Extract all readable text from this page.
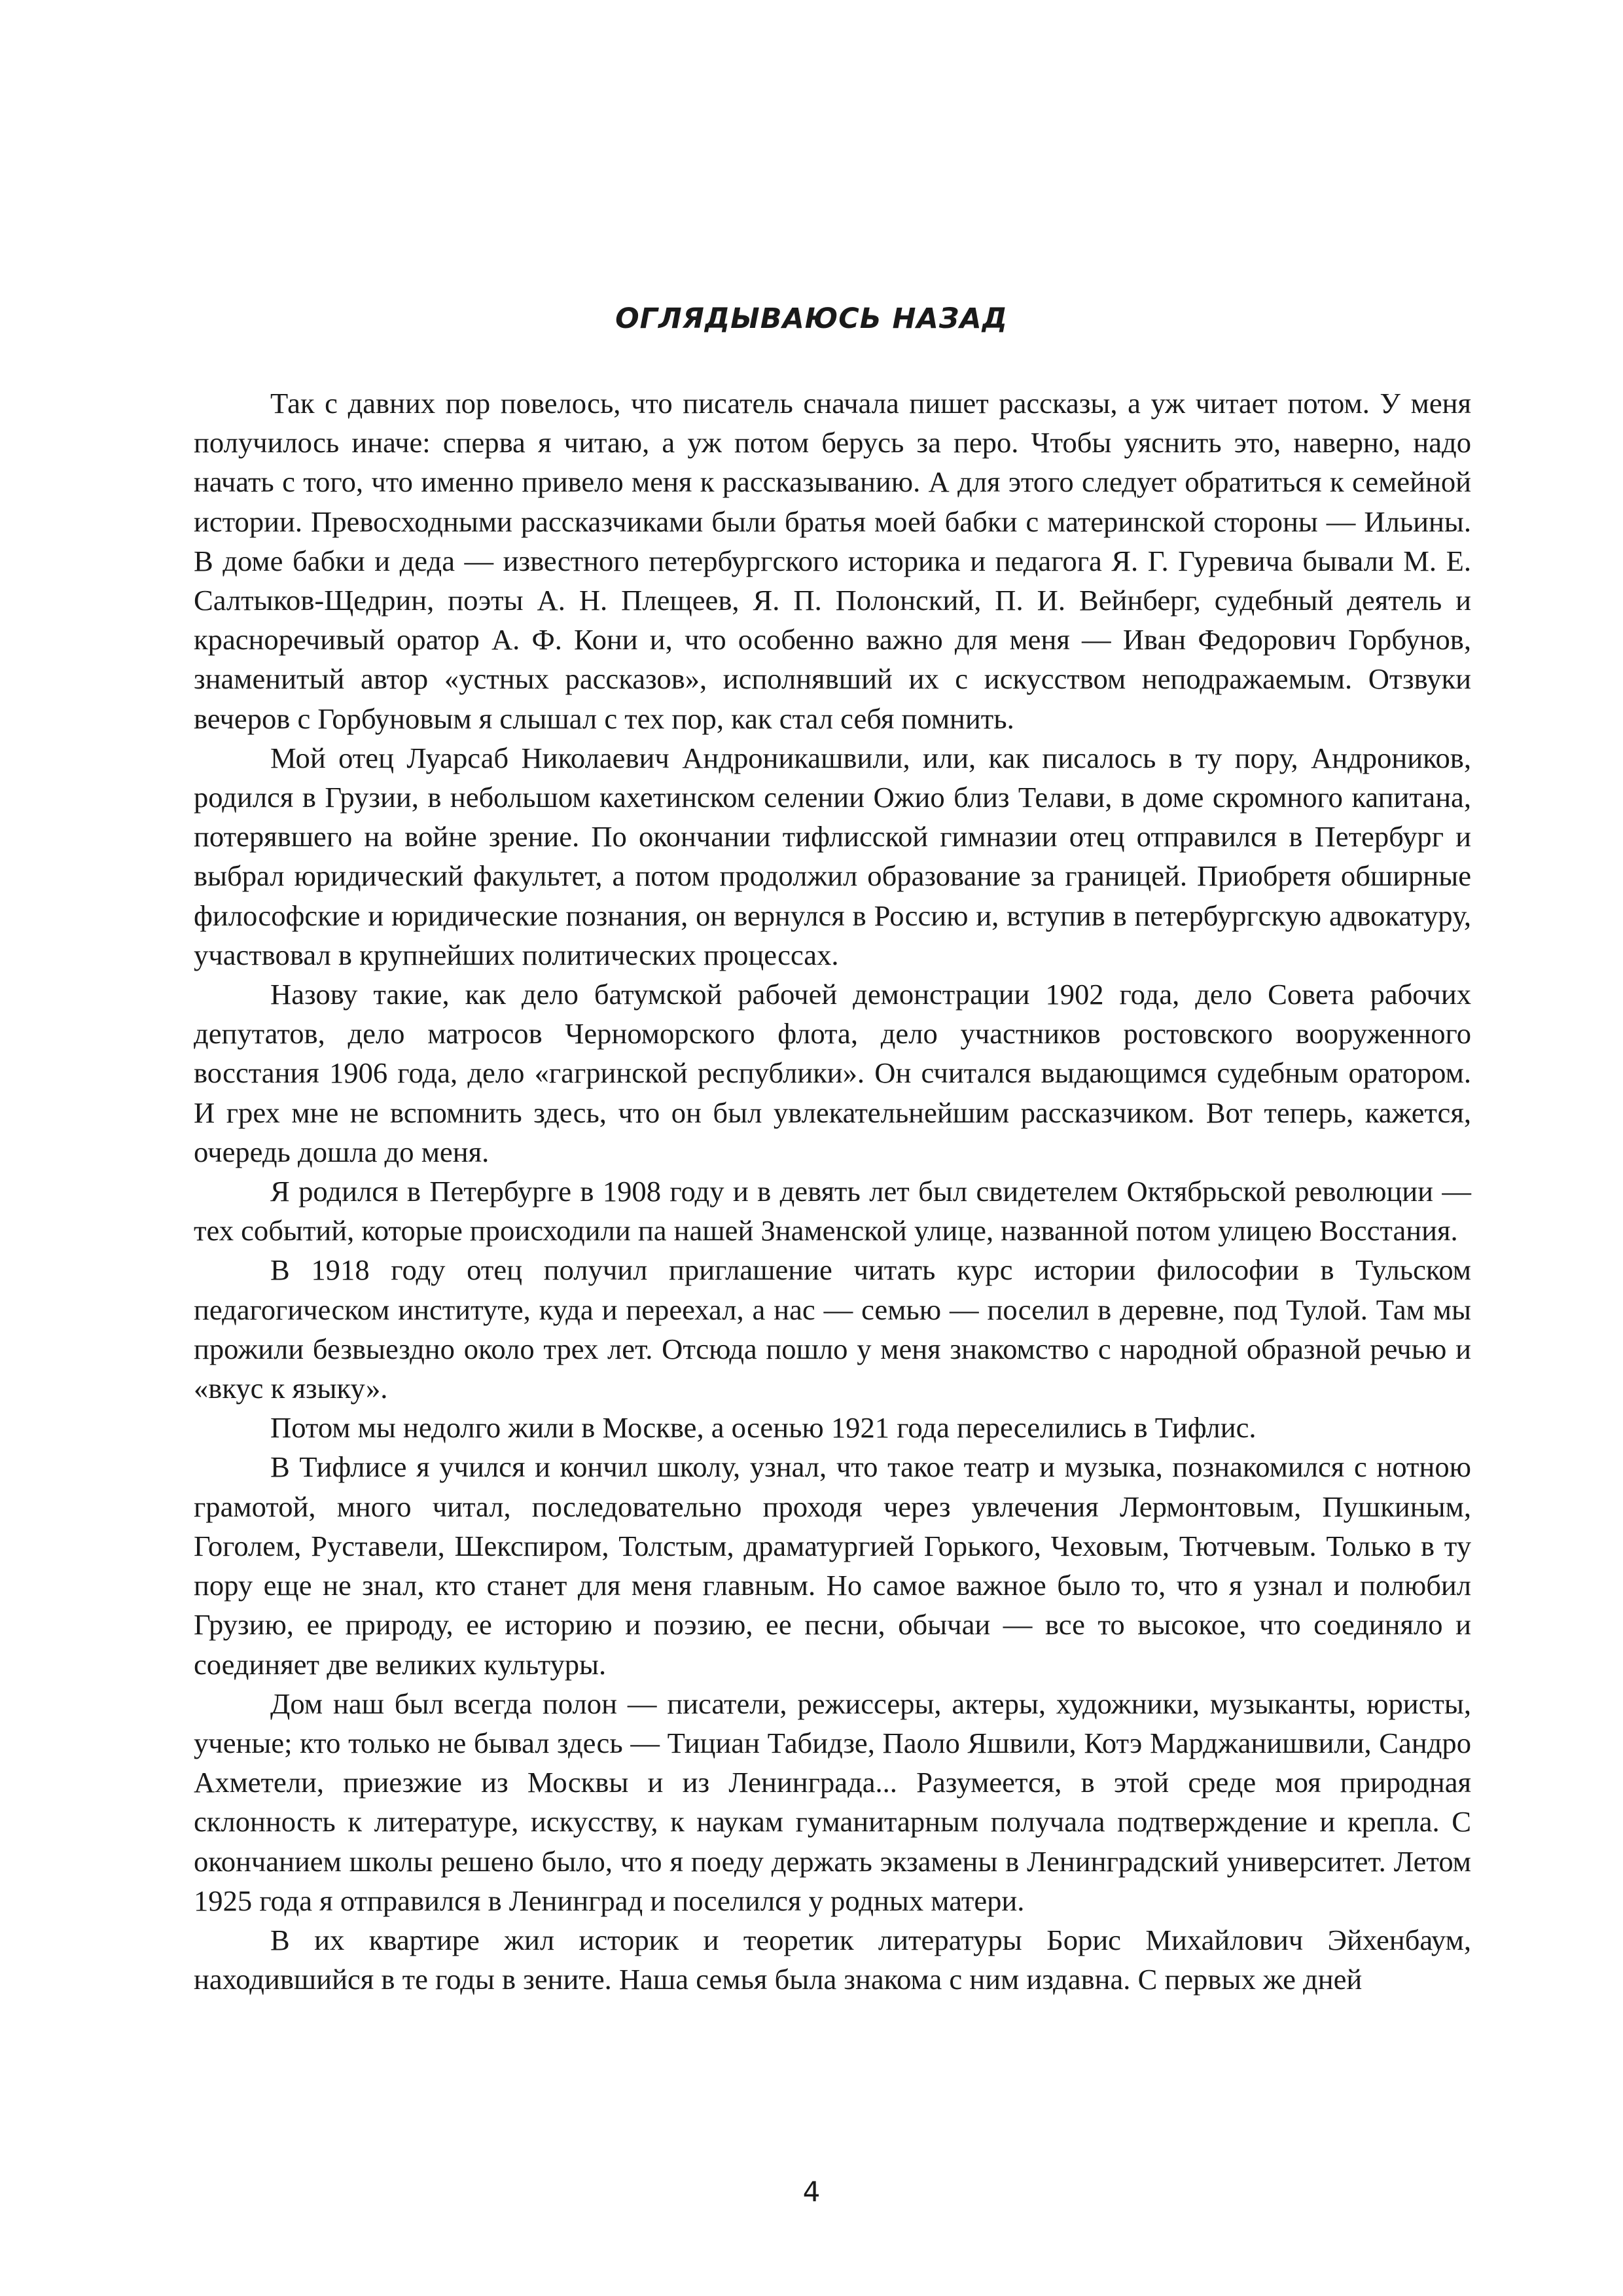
ОГЛЯДЫВАЮСЬ НАЗАД

Так с давних пор повелось, что писатель сначала пишет рассказы, а уж читает потом. У меня получилось иначе: сперва я читаю, а уж потом берусь за перо. Чтобы уяснить это, наверно, надо начать с того, что именно привело меня к рассказыванию. А для этого следует обратиться к семейной истории. Превосходными рассказчиками были братья моей бабки с материнской стороны — Ильины. В доме бабки и деда — известного петербургского историка и педагога Я. Г. Гуревича бывали М. Е. Салтыков-Щедрин, поэты А. Н. Плещеев, Я. П. Полонский, П. И. Вейнберг, судебный деятель и красноречивый оратор А. Ф. Кони и, что особенно важно для меня — Иван Федорович Горбунов, знаменитый автор «устных рассказов», исполнявший их с искусством неподражаемым. Отзвуки вечеров с Горбуновым я слышал с тех пор, как стал себя помнить.

Мой отец Луарсаб Николаевич Андроникашвили, или, как писалось в ту пору, Андроников, родился в Грузии, в небольшом кахетинском селении Ожио близ Телави, в доме скромного капитана, потерявшего на войне зрение. По окончании тифлисской гимназии отец отправился в Петербург и выбрал юридический факультет, а потом продолжил образование за границей. Приобретя обширные философские и юридические познания, он вернулся в Россию и, вступив в петербургскую адвокатуру, участвовал в крупнейших политических процессах.

Назову такие, как дело батумской рабочей демонстрации 1902 года, дело Совета рабочих депутатов, дело матросов Черноморского флота, дело участников ростовского вооруженного восстания 1906 года, дело «гагринской республики». Он считался выдающимся судебным оратором. И грех мне не вспомнить здесь, что он был увлекательнейшим рассказчиком. Вот теперь, кажется, очередь дошла до меня.

Я родился в Петербурге в 1908 году и в девять лет был свидетелем Октябрьской революции — тех событий, которые происходили па нашей Знаменской улице, названной потом улицею Восстания.

В 1918 году отец получил приглашение читать курс истории философии в Тульском педагогическом институте, куда и переехал, а нас — семью — поселил в деревне, под Тулой. Там мы прожили безвыездно около трех лет. Отсюда пошло у меня знакомство с народной образной речью и «вкус к языку».

Потом мы недолго жили в Москве, а осенью 1921 года переселились в Тифлис.

В Тифлисе я учился и кончил школу, узнал, что такое театр и музыка, познакомился с нотною грамотой, много читал, последовательно проходя через увлечения Лермонтовым, Пушкиным, Гоголем, Руставели, Шекспиром, Толстым, драматургией Горького, Чеховым, Тютчевым. Только в ту пору еще не знал, кто станет для меня главным. Но самое важное было то, что я узнал и полюбил Грузию, ее природу, ее историю и поэзию, ее песни, обычаи — все то высокое, что соединяло и соединяет две великих культуры.

Дом наш был всегда полон — писатели, режиссеры, актеры, художники, музыканты, юристы, ученые; кто только не бывал здесь — Тициан Табидзе, Паоло Яшвили, Котэ Марджанишвили, Сандро Ахметели, приезжие из Москвы и из Ленинграда... Разумеется, в этой среде моя природная склонность к литературе, искусству, к наукам гуманитарным получала подтверждение и крепла. С окончанием школы решено было, что я поеду держать экзамены в Ленинградский университет. Летом 1925 года я отправился в Ленинград и поселился у родных матери.

В их квартире жил историк и теоретик литературы Борис Михайлович Эйхенбаум, находившийся в те годы в зените. Наша семья была знакома с ним издавна. С первых же дней

4
